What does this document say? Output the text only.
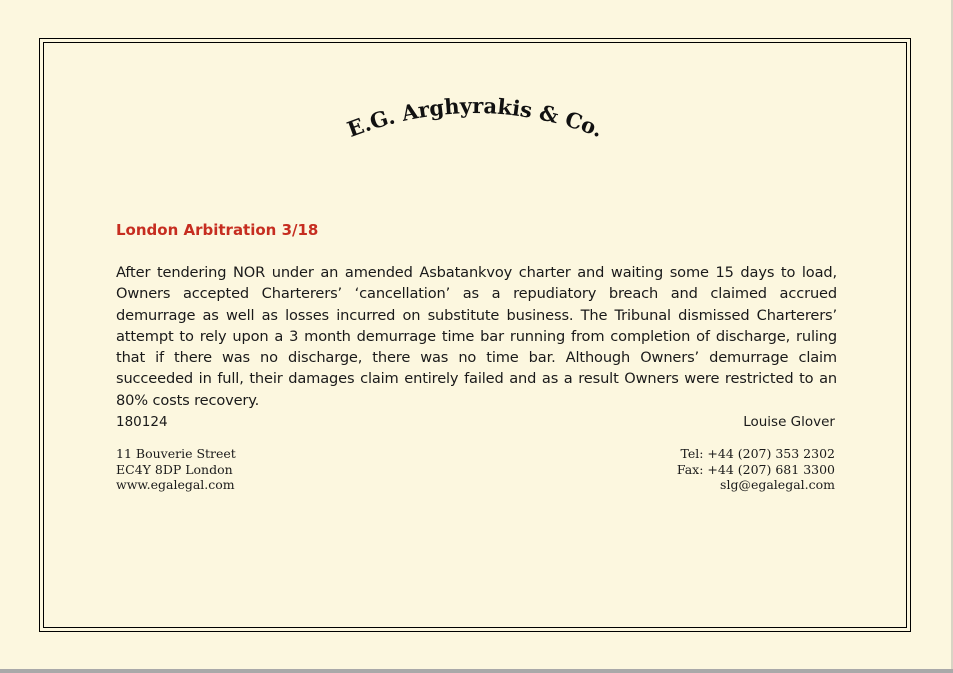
E.G. Arghyrakis & Co.
London Arbitration 3/18
After tendering NOR under an amended Asbatankvoy charter and waiting some 15 days to load, Owners accepted Charterers’ ‘cancellation’ as a repudiatory breach and claimed accrued demurrage as well as losses incurred on substitute business. The Tribunal dismissed Charterers’ attempt to rely upon a 3 month demurrage time bar running from completion of discharge, ruling that if there was no discharge, there was no time bar. Although Owners’ demurrage claim succeeded in full, their damages claim entirely failed and as a result Owners were restricted to an 80% costs recovery.
180124	Louise Glover
11 Bouverie Street
EC4Y 8DP London
www.egalegal.com
Tel: +44 (207) 353 2302
Fax: +44 (207) 681 3300
slg@egalegal.com
